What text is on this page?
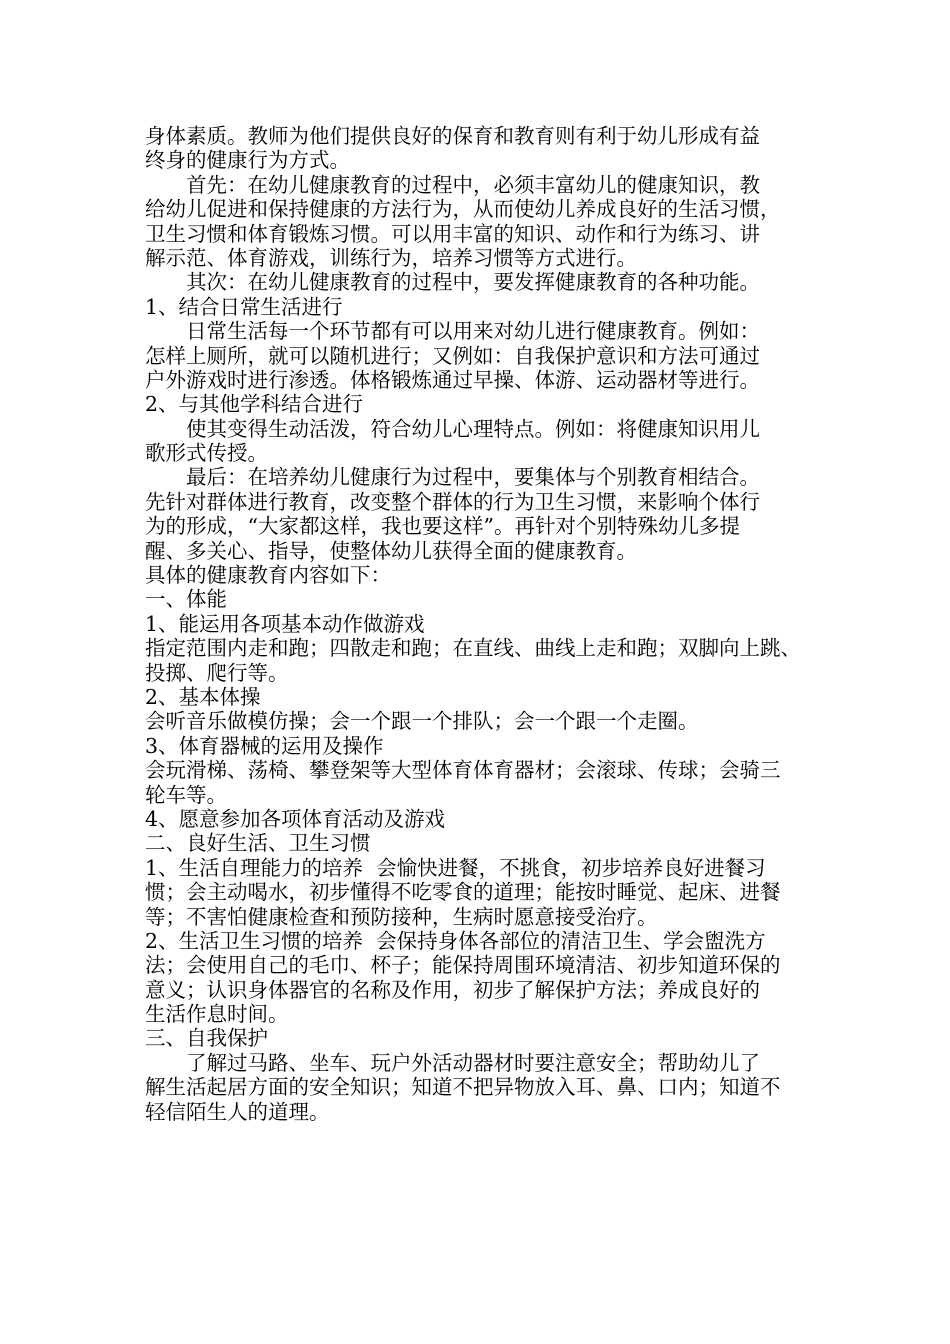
身体素质。教师为他们提供良好的保育和教育则有利于幼儿形成有益
终身的健康行为方式。
　　首先：在幼儿健康教育的过程中，必须丰富幼儿的健康知识，教
给幼儿促进和保持健康的方法行为，从而使幼儿养成良好的生活习惯，
卫生习惯和体育锻炼习惯。可以用丰富的知识、动作和行为练习、讲
解示范、体育游戏，训练行为，培养习惯等方式进行。
　　其次：在幼儿健康教育的过程中，要发挥健康教育的各种功能。
1、结合日常生活进行
　　日常生活每一个环节都有可以用来对幼儿进行健康教育。例如：
怎样上厕所，就可以随机进行；又例如：自我保护意识和方法可通过
户外游戏时进行渗透。体格锻炼通过早操、体游、运动器材等进行。
2、与其他学科结合进行
　　使其变得生动活泼，符合幼儿心理特点。例如：将健康知识用儿
歌形式传授。
　　最后：在培养幼儿健康行为过程中，要集体与个别教育相结合。
先针对群体进行教育，改变整个群体的行为卫生习惯，来影响个体行
为的形成，“大家都这样，我也要这样”。再针对个别特殊幼儿多提
醒、多关心、指导，使整体幼儿获得全面的健康教育。
具体的健康教育内容如下：
一、体能
1、能运用各项基本动作做游戏
指定范围内走和跑；四散走和跑；在直线、曲线上走和跑；双脚向上跳、
投掷、爬行等。
2、基本体操
会听音乐做模仿操；会一个跟一个排队；会一个跟一个走圈。
3、体育器械的运用及操作
会玩滑梯、荡椅、攀登架等大型体育体育器材；会滚球、传球；会骑三
轮车等。
4、愿意参加各项体育活动及游戏
二、良好生活、卫生习惯
1、生活自理能力的培养  会愉快进餐，不挑食，初步培养良好进餐习
惯；会主动喝水，初步懂得不吃零食的道理；能按时睡觉、起床、进餐
等；不害怕健康检查和预防接种，生病时愿意接受治疗。
2、生活卫生习惯的培养  会保持身体各部位的清洁卫生、学会盥洗方
法；会使用自己的毛巾、杯子；能保持周围环境清洁、初步知道环保的
意义；认识身体器官的名称及作用，初步了解保护方法；养成良好的
生活作息时间。
三、自我保护
　　了解过马路、坐车、玩户外活动器材时要注意安全；帮助幼儿了
解生活起居方面的安全知识；知道不把异物放入耳、鼻、口内；知道不
轻信陌生人的道理。
